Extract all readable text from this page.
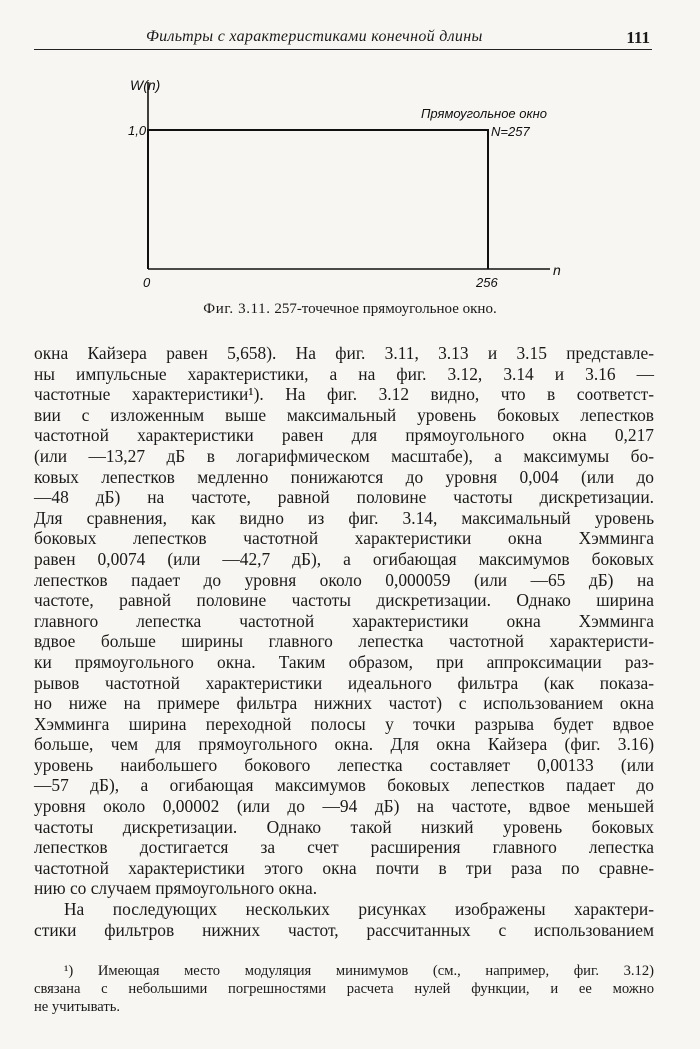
Фильтры с характеристиками конечной длины	111
W(n)
1,0
0	256
n
Прямоугольное окно
N=257
Фиг. 3.11. 257-точечное прямоугольное окно.
окна Кайзера равен 5,658). На фиг. 3.11, 3.13 и 3.15 представле-
ны импульсные характеристики, а на фиг. 3.12, 3.14 и 3.16 —
частотные характеристики¹). На фиг. 3.12 видно, что в соответст-
вии с изложенным выше максимальный уровень боковых лепестков
частотной характеристики равен для прямоугольного окна 0,217
(или —13,27 дБ в логарифмическом масштабе), а максимумы бо-
ковых лепестков медленно понижаются до уровня 0,004 (или до
—48 дБ) на частоте, равной половине частоты дискретизации.
Для сравнения, как видно из фиг. 3.14, максимальный уровень
боковых лепестков частотной характеристики окна Хэмминга
равен 0,0074 (или —42,7 дБ), а огибающая максимумов боковых
лепестков падает до уровня около 0,000059 (или —65 дБ) на
частоте, равной половине частоты дискретизации. Однако ширина
главного лепестка частотной характеристики окна Хэмминга
вдвое больше ширины главного лепестка частотной характеристи-
ки прямоугольного окна. Таким образом, при аппроксимации раз-
рывов частотной характеристики идеального фильтра (как показа-
но ниже на примере фильтра нижних частот) с использованием окна
Хэмминга ширина переходной полосы у точки разрыва будет вдвое
больше, чем для прямоугольного окна. Для окна Кайзера (фиг. 3.16)
уровень наибольшего бокового лепестка составляет 0,00133 (или
—57 дБ), а огибающая максимумов боковых лепестков падает до
уровня около 0,00002 (или до —94 дБ) на частоте, вдвое меньшей
частоты дискретизации. Однако такой низкий уровень боковых
лепестков достигается за счет расширения главного лепестка
частотной характеристики этого окна почти в три раза по сравне-
нию со случаем прямоугольного окна.
На последующих нескольких рисунках изображены характери-
стики фильтров нижних частот, рассчитанных с использованием
¹) Имеющая место модуляция минимумов (см., например, фиг. 3.12)
связана с небольшими погрешностями расчета нулей функции, и ее можно
не учитывать.
